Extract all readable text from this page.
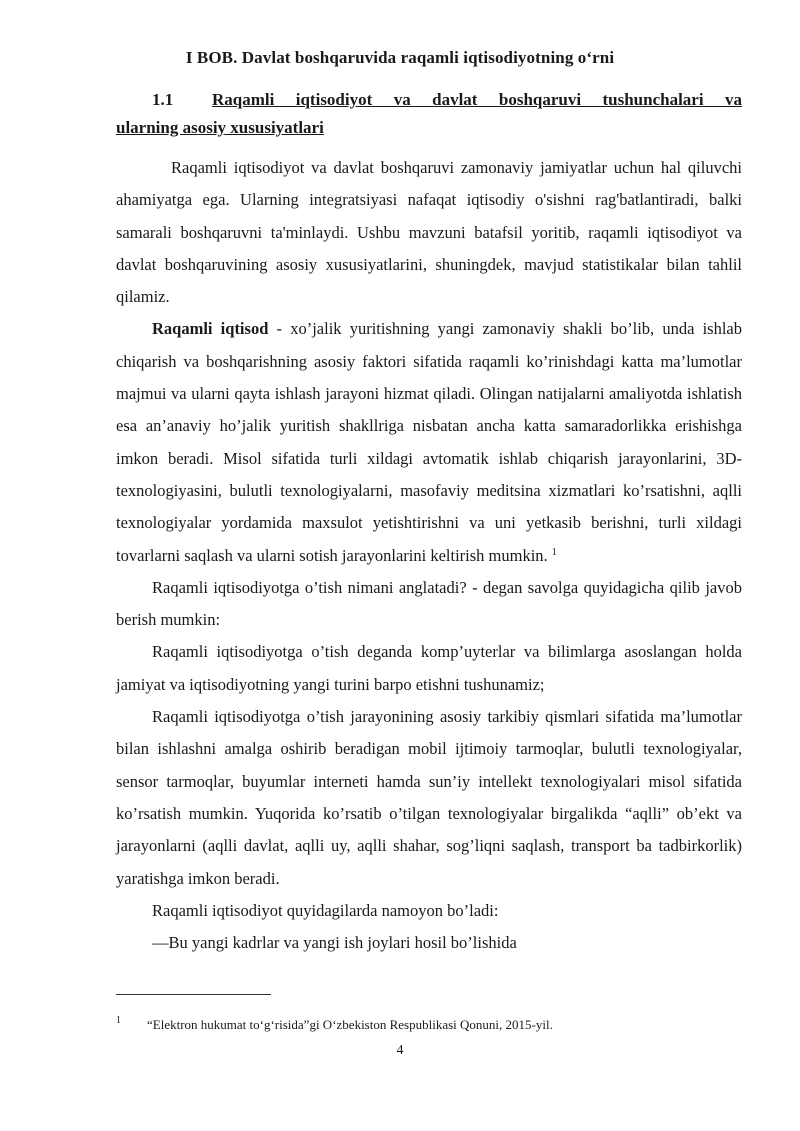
I BOB. Davlat boshqaruvida raqamli iqtisodiyotning o‘rni
1.1 Raqamli iqtisodiyot va davlat boshqaruvi tushunchalari va
ularning asosiy xususiyatlari

Raqamli iqtisodiyot va davlat boshqaruvi zamonaviy jamiyatlar uchun hal qiluvchi ahamiyatga ega. Ularning integratsiyasi nafaqat iqtisodiy o'sishni rag'batlantiradi, balki samarali boshqaruvni ta'minlaydi. Ushbu mavzuni batafsil yoritib, raqamli iqtisodiyot va davlat boshqaruvining asosiy xususiyatlarini, shuningdek, mavjud statistikalar bilan tahlil qilamiz.

Raqamli iqtisod - xo’jalik yuritishning yangi zamonaviy shakli bo’lib, unda ishlab chiqarish va boshqarishning asosiy faktori sifatida raqamli ko’rinishdagi katta ma’lumotlar majmui va ularni qayta ishlash jarayoni hizmat qiladi. Olingan natijalarni amaliyotda ishlatish esa an’anaviy ho’jalik yuritish shakllriga nisbatan ancha katta samaradorlikka erishishga imkon beradi. Misol sifatida turli xildagi avtomatik ishlab chiqarish jarayonlarini, 3D-texnologiyasini, bulutli texnologiyalarni, masofaviy meditsina xizmatlari ko’rsatishni, aqlli texnologiyalar yordamida maxsulot yetishtirishni va uni yetkasib berishni, turli xildagi tovarlarni saqlash va ularni sotish jarayonlarini keltirish mumkin. $^1$

Raqamli iqtisodiyotga o’tish nimani anglatadi? - degan savolga quyidagicha qilib javob berish mumkin:

Raqamli iqtisodiyotga o’tish deganda komp’uyterlar va bilimlarga asoslangan holda jamiyat va iqtisodiyotning yangi turini barpo etishni tushunamiz;

Raqamli iqtisodiyotga o’tish jarayonining asosiy tarkibiy qismlari sifatida ma’lumotlar bilan ishlashni amalga oshirib beradigan mobil ijtimoiy tarmoqlar, bulutli texnologiyalar, sensor tarmoqlar, buyumlar interneti hamda sun’iy intellekt texnologiyalari misol sifatida ko’rsatish mumkin. Yuqorida ko’rsatib o’tilgan texnologiyalar birgalikda “aqlli” ob’ekt va jarayonlarni (aqlli davlat, aqlli uy, aqlli shahar, sog’liqni saqlash, transport ba tadbirkorlik) yaratishga imkon beradi.

Raqamli iqtisodiyot quyidagilarda namoyon bo’ladi:

—Bu yangi kadrlar va yangi ish joylari hosil bo’lishida

1 “Elektron hukumat to‘g‘risida”gi O‘zbekiston Respublikasi Qonuni, 2015-yil.
4
